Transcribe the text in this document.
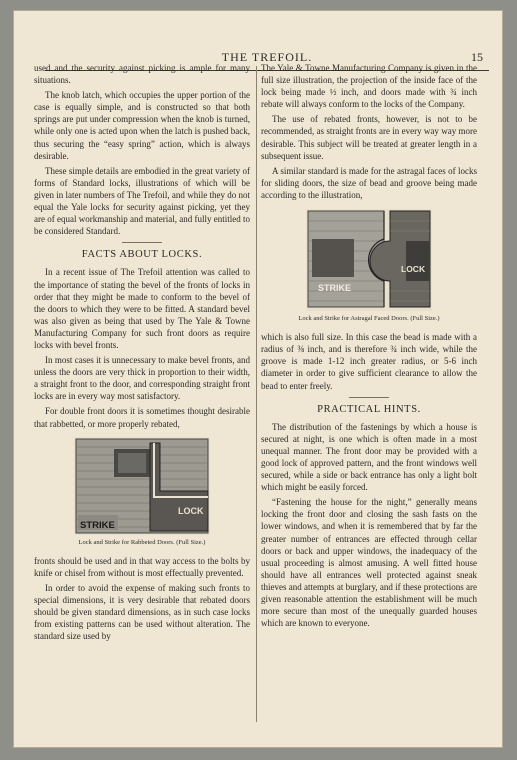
THE TREFOIL.	15

used and the security against picking is ample for many situations.

The knob latch, which occupies the upper portion of the case is equally simple, and is constructed so that both springs are put under compression when the knob is turned, while only one is acted upon when the latch is pushed back, thus securing the “easy spring” action, which is always desirable.

These simple details are embodied in the great variety of forms of Standard locks, illustrations of which will be given in later numbers of The Trefoil, and while they do not equal the Yale locks for security against picking, yet they are of equal workmanship and material, and fully entitled to be considered Standard.

FACTS ABOUT LOCKS.

In a recent issue of The Trefoil attention was called to the importance of stating the bevel of the fronts of locks in order that they might be made to conform to the bevel of the doors to which they were to be fitted. A standard bevel was also given as being that used by The Yale & Towne Manufacturing Company for such front doors as require locks with bevel fronts.

In most cases it is unnecessary to make bevel fronts, and unless the doors are very thick in proportion to their width, a straight front to the door, and corresponding straight front locks are in every way most satisfactory.

For double front doors it is sometimes thought desirable that rabbetted, or more properly rebated,

STRIKE
LOCK
Lock and Strike for Rabbeted Doors. (Full Size.)

fronts should be used and in that way access to the bolts by knife or chisel from without is most effectually prevented.

In order to avoid the expense of making such fronts to special dimensions, it is very desirable that rebated doors should be given standard dimensions, as in such case locks from existing patterns can be used without alteration. The standard size used by

The Yale & Towne Manufacturing Company is given in the full size illustration, the projection of the inside face of the lock being made ½ inch, and doors made with ¾ inch rebate will always conform to the locks of the Company.

The use of rebated fronts, however, is not to be recommended, as straight fronts are in every way way more desirable. This subject will be treated at greater length in a subsequent issue.

A similar standard is made for the astragal faces of locks for sliding doors, the size of bead and groove being made according to the illustration,

STRIKE
LOCK
Lock and Strike for Astragal Faced Doors. (Full Size.)

which is also full size. In this case the bead is made with a radius of ⅜ inch, and is therefore ¾ inch wide, while the groove is made 1-12 inch greater radius, or 5-6 inch diameter in order to give sufficient clearance to allow the bead to enter freely.

PRACTICAL HINTS.

The distribution of the fastenings by which a house is secured at night, is one which is often made in a most unequal manner. The front door may be provided with a good lock of approved pattern, and the front windows well secured, while a side or back entrance has only a light bolt which might be easily forced.

“Fastening the house for the night,” generally means locking the front door and closing the sash fasts on the lower windows, and when it is remembered that by far the greater number of entrances are effected through cellar doors or back and upper windows, the inadequacy of the usual proceeding is almost amusing. A well fitted house should have all entrances well protected against sneak thieves and attempts at burglary, and if these protections are given reasonable attention the establishment will be much more secure than most of the unequally guarded houses which are known to everyone.
